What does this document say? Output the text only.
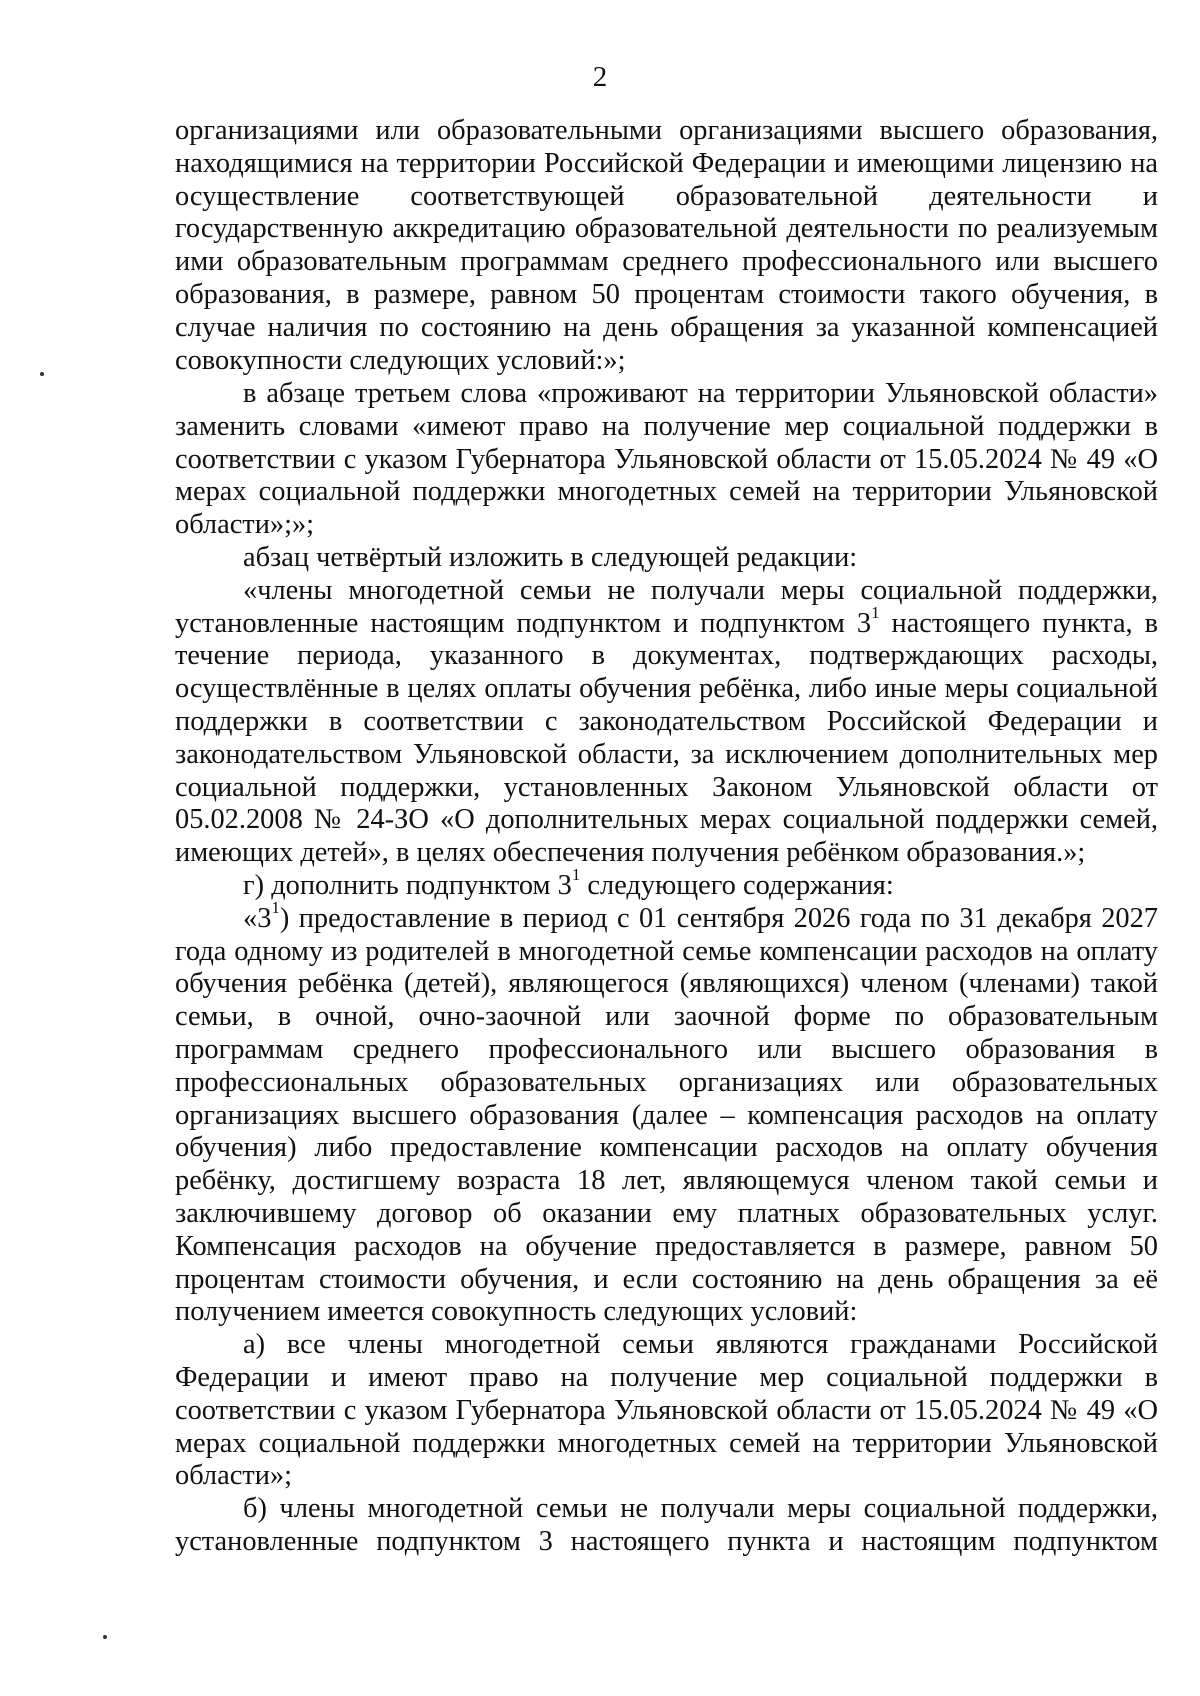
2

организациями или образовательными организациями высшего образования, находящимися на территории Российской Федерации и имеющими лицензию на осуществление соответствующей образовательной деятельности и государственную аккредитацию образовательной деятельности по реализуемым ими образовательным программам среднего профессионального или высшего образования, в размере, равном 50 процентам стоимости такого обучения, в случае наличия по состоянию на день обращения за указанной компенсацией совокупности следующих условий:»;

в абзаце третьем слова «проживают на территории Ульяновской области» заменить словами «имеют право на получение мер социальной поддержки в соответствии с указом Губернатора Ульяновской области от 15.05.2024 № 49 «О мерах социальной поддержки многодетных семей на территории Ульяновской области»;»;

абзац четвёртый изложить в следующей редакции:

«члены многодетной семьи не получали меры социальной поддержки, установленные настоящим подпунктом и подпунктом $3^1$ настоящего пункта, в течение периода, указанного в документах, подтверждающих расходы, осуществлённые в целях оплаты обучения ребёнка, либо иные меры социальной поддержки в соответствии с законодательством Российской Федерации и законодательством Ульяновской области, за исключением дополнительных мер социальной поддержки, установленных Законом Ульяновской области от 05.02.2008 № 24-ЗО «О дополнительных мерах социальной поддержки семей, имеющих детей», в целях обеспечения получения ребёнком образования.»;

г) дополнить подпунктом $3^1$ следующего содержания:

«$3^1$) предоставление в период с 01 сентября 2026 года по 31 декабря 2027 года одному из родителей в многодетной семье компенсации расходов на оплату обучения ребёнка (детей), являющегося (являющихся) членом (членами) такой семьи, в очной, очно-заочной или заочной форме по образовательным программам среднего профессионального или высшего образования в профессиональных образовательных организациях или образовательных организациях высшего образования (далее – компенсация расходов на оплату обучения) либо предоставление компенсации расходов на оплату обучения ребёнку, достигшему возраста 18 лет, являющемуся членом такой семьи и заключившему договор об оказании ему платных образовательных услуг. Компенсация расходов на обучение предоставляется в размере, равном 50 процентам стоимости обучения, и если состоянию на день обращения за её получением имеется совокупность следующих условий:

а) все члены многодетной семьи являются гражданами Российской Федерации и имеют право на получение мер социальной поддержки в соответствии с указом Губернатора Ульяновской области от 15.05.2024 № 49 «О мерах социальной поддержки многодетных семей на территории Ульяновской области»;

б) члены многодетной семьи не получали меры социальной поддержки, установленные подпунктом 3 настоящего пункта и настоящим подпунктом
